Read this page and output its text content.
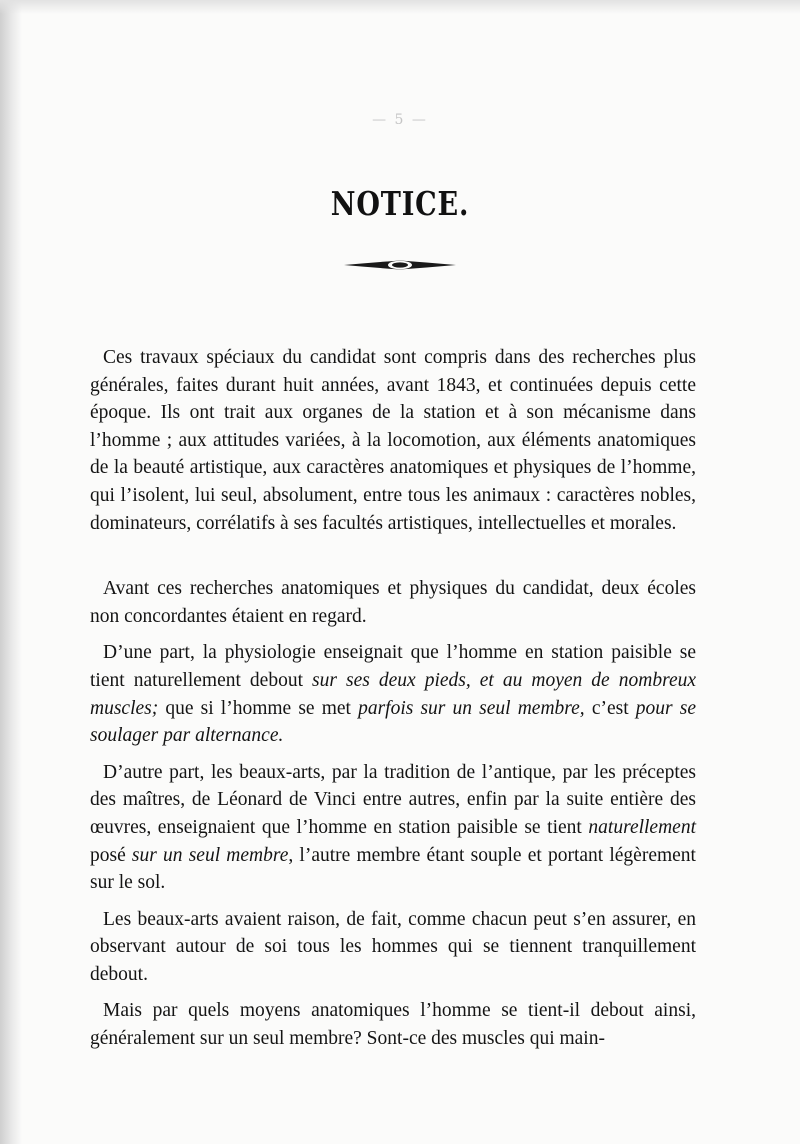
— 5 —
NOTICE.

Ces travaux spéciaux du candidat sont compris dans des recherches plus générales, faites durant huit années, avant 1843, et continuées depuis cette époque. Ils ont trait aux organes de la station et à son mécanisme dans l’homme ; aux attitudes variées, à la locomotion, aux éléments anatomiques de la beauté artistique, aux caractères anatomiques et physiques de l’homme, qui l’isolent, lui seul, absolument, entre tous les animaux : caractères nobles, dominateurs, corrélatifs à ses facultés artistiques, intellectuelles et morales.

Avant ces recherches anatomiques et physiques du candidat, deux écoles non concordantes étaient en regard.

D’une part, la physiologie enseignait que l’homme en station paisible se tient naturellement debout sur ses deux pieds, et au moyen de nombreux muscles; que si l’homme se met parfois sur un seul membre, c’est pour se soulager par alternance.

D’autre part, les beaux-arts, par la tradition de l’antique, par les préceptes des maîtres, de Léonard de Vinci entre autres, enfin par la suite entière des œuvres, enseignaient que l’homme en station paisible se tient naturellement posé sur un seul membre, l’autre membre étant souple et portant légèrement sur le sol.

Les beaux-arts avaient raison, de fait, comme chacun peut s’en assurer, en observant autour de soi tous les hommes qui se tiennent tranquillement debout.

Mais par quels moyens anatomiques l’homme se tient-il debout ainsi, généralement sur un seul membre? Sont-ce des muscles qui main-
